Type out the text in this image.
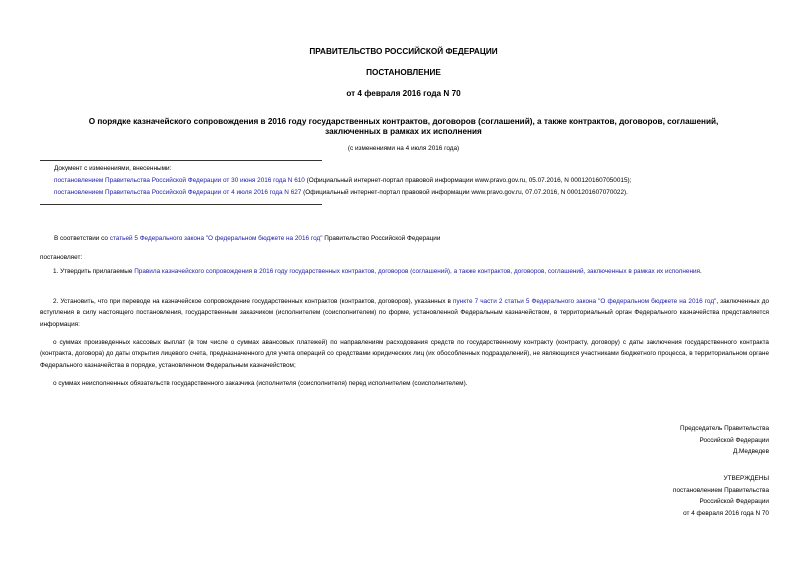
ПРАВИТЕЛЬСТВО РОССИЙСКОЙ ФЕДЕРАЦИИ
ПОСТАНОВЛЕНИЕ
от 4 февраля 2016 года N 70
О порядке казначейского сопровождения в 2016 году государственных контрактов, договоров (соглашений), а также контрактов, договоров, соглашений,
заключенных в рамках их исполнения
(с изменениями на 4 июля 2016 года)
Документ с изменениями, внесенными:
постановлением Правительства Российской Федерации от 30 июня 2016 года N 610 (Официальный интернет-портал правовой информации www.pravo.gov.ru, 05.07.2016, N 0001201607050015);
постановлением Правительства Российской Федерации от 4 июля 2016 года N 627 (Официальный интернет-портал правовой информации www.pravo.gov.ru, 07.07.2016, N 0001201607070022).
В соответствии со статьей 5 Федерального закона "О федеральном бюджете на 2016 год" Правительство Российской Федерации
постановляет:
1. Утвердить прилагаемые Правила казначейского сопровождения в 2016 году государственных контрактов, договоров (соглашений), а также контрактов, договоров, соглашений, заключенных в рамках их исполнения.
2. Установить, что при переводе на казначейское сопровождение государственных контрактов (контрактов, договоров), указанных в пункте 7 части 2 статьи 5 Федерального закона "О федеральном бюджете на 2016 год", заключенных до вступления в силу настоящего постановления, государственным заказчиком (исполнителем (соисполнителем) по форме, установленной Федеральным казначейством, в территориальный орган Федерального казначейства представляется информация:
о суммах произведенных кассовых выплат (в том числе о суммах авансовых платежей) по направлениям расходования средств по государственному контракту (контракту, договору) с даты заключения государственного контракта (контракта, договора) до даты открытия лицевого счета, предназначенного для учета операций со средствами юридических лиц (их обособленных подразделений), не являющихся участниками бюджетного процесса, в территориальном органе Федерального казначейства в порядке, установленном Федеральным казначейством;
о суммах неисполненных обязательств государственного заказчика (исполнителя (соисполнителя) перед исполнителем (соисполнителем).
Председатель Правительства
Российской Федерации
Д.Медведев
УТВЕРЖДЕНЫ
постановлением Правительства
Российской Федерации
от 4 февраля 2016 года N 70
